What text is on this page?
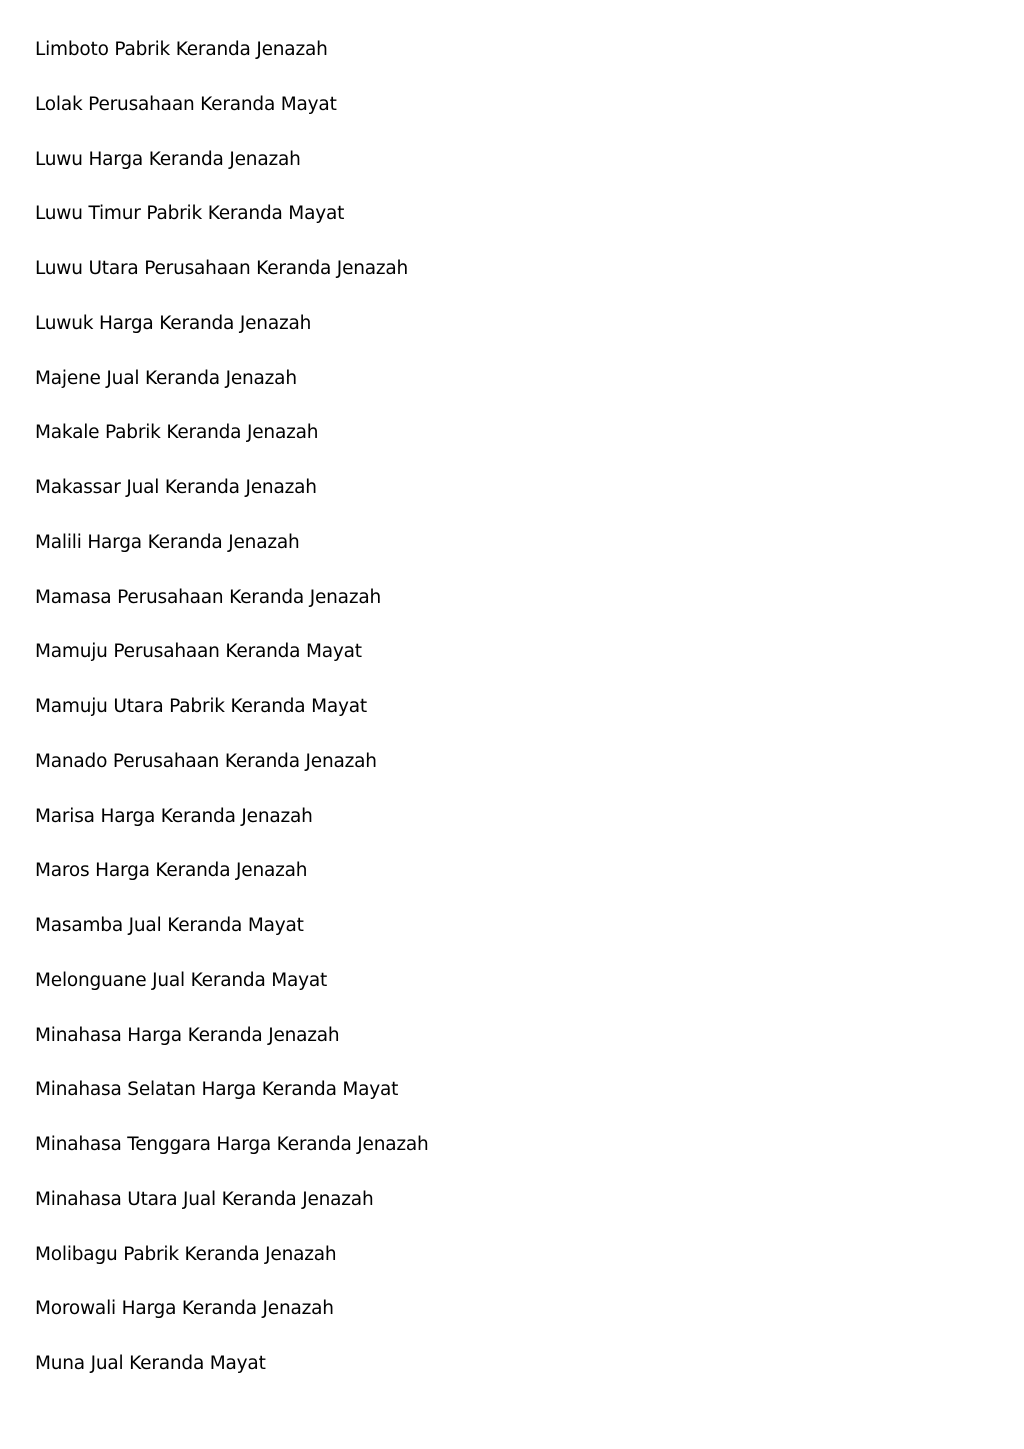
Limboto Pabrik Keranda Jenazah
Lolak Perusahaan Keranda Mayat
Luwu Harga Keranda Jenazah
Luwu Timur Pabrik Keranda Mayat
Luwu Utara Perusahaan Keranda Jenazah
Luwuk Harga Keranda Jenazah
Majene Jual Keranda Jenazah
Makale Pabrik Keranda Jenazah
Makassar Jual Keranda Jenazah
Malili Harga Keranda Jenazah
Mamasa Perusahaan Keranda Jenazah
Mamuju Perusahaan Keranda Mayat
Mamuju Utara Pabrik Keranda Mayat
Manado Perusahaan Keranda Jenazah
Marisa Harga Keranda Jenazah
Maros Harga Keranda Jenazah
Masamba Jual Keranda Mayat
Melonguane Jual Keranda Mayat
Minahasa Harga Keranda Jenazah
Minahasa Selatan Harga Keranda Mayat
Minahasa Tenggara Harga Keranda Jenazah
Minahasa Utara Jual Keranda Jenazah
Molibagu Pabrik Keranda Jenazah
Morowali Harga Keranda Jenazah
Muna Jual Keranda Mayat
